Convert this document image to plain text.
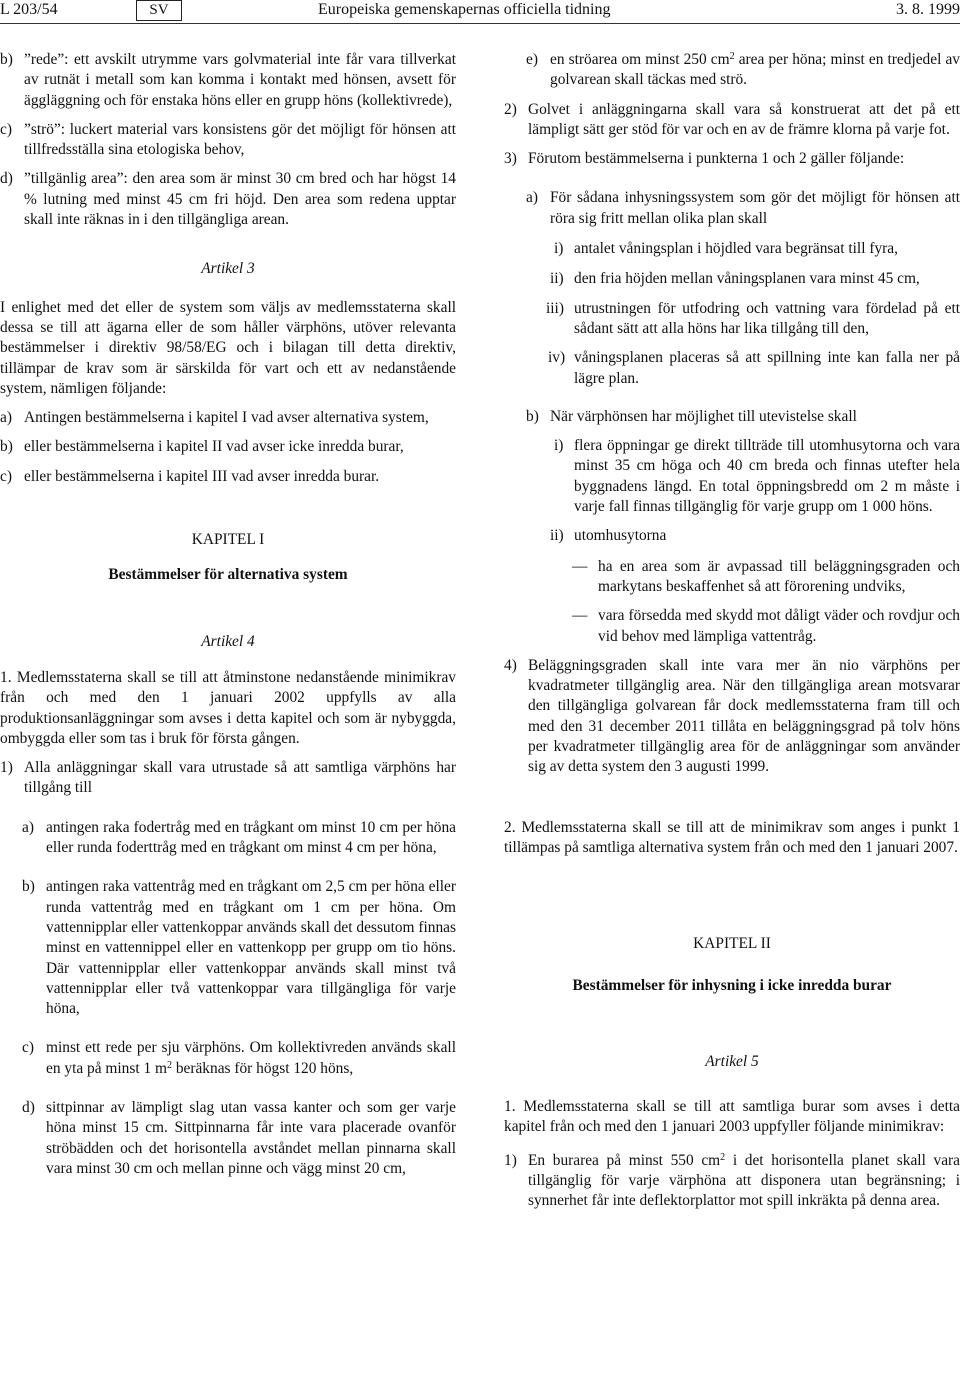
L 203/54	SV	Europeiska gemenskapernas officiella tidning	3. 8. 1999
b) ”rede”: ett avskilt utrymme vars golvmaterial inte får vara tillverkat av rutnät i metall som kan komma i kontakt med hönsen, avsett för äggläggning och för enstaka höns eller en grupp höns (kollektivrede),

c) ”strö”: luckert material vars konsistens gör det möjligt för hönsen att tillfredsställa sina etologiska behov,

d) ”tillgänlig area”: den area som är minst 30 cm bred och har högst 14 % lutning med minst 45 cm fri höjd. Den area som redena upptar skall inte räknas in i den tillgängliga arean.

Artikel 3

I enlighet med det eller de system som väljs av medlemsstaterna skall dessa se till att ägarna eller de som håller värphöns, utöver relevanta bestämmelser i direktiv 98/58/EG och i bilagan till detta direktiv, tillämpar de krav som är särskilda för vart och ett av nedanstående system, nämligen följande:

a) Antingen bestämmelserna i kapitel I vad avser alternativa system,

b) eller bestämmelserna i kapitel II vad avser icke inredda burar,

c) eller bestämmelserna i kapitel III vad avser inredda burar.

KAPITEL I

Bestämmelser för alternativa system

Artikel 4

1. Medlemsstaterna skall se till att åtminstone nedanstående minimikrav från och med den 1 januari 2002 uppfylls av alla produktionsanläggningar som avses i detta kapitel och som är nybyggda, ombyggda eller som tas i bruk för första gången.

1) Alla anläggningar skall vara utrustade så att samtliga värphöns har tillgång till

a) antingen raka fodertråg med en trågkant om minst 10 cm per höna eller runda foderttråg med en trågkant om minst 4 cm per höna,

b) antingen raka vattentråg med en trågkant om 2,5 cm per höna eller runda vattentråg med en trågkant om 1 cm per höna. Om vattennipplar eller vattenkoppar används skall det dessutom finnas minst en vattennippel eller en vattenkopp per grupp om tio höns. Där vattennipplar eller vattenkoppar används skall minst två vattennipplar eller två vattenkoppar vara tillgängliga för varje höna,

c) minst ett rede per sju värphöns. Om kollektivreden används skall en yta på minst 1 $m^2$ beräknas för högst 120 höns,

d) sittpinnar av lämpligt slag utan vassa kanter och som ger varje höna minst 15 cm. Sittpinnarna får inte vara placerade ovanför ströbädden och det horisontella avståndet mellan pinnarna skall vara minst 30 cm och mellan pinne och vägg minst 20 cm,

e) en ströarea om minst 250 $cm^2$ area per höna; minst en tredjedel av golvarean skall täckas med strö.

2) Golvet i anläggningarna skall vara så konstruerat att det på ett lämpligt sätt ger stöd för var och en av de främre klorna på varje fot.

3) Förutom bestämmelserna i punkterna 1 och 2 gäller följande:

a) För sådana inhysningssystem som gör det möjligt för hönsen att röra sig fritt mellan olika plan skall

i) antalet våningsplan i höjdled vara begränsat till fyra,

ii) den fria höjden mellan våningsplanen vara minst 45 cm,

iii) utrustningen för utfodring och vattning vara fördelad på ett sådant sätt att alla höns har lika tillgång till den,

iv) våningsplanen placeras så att spillning inte kan falla ner på lägre plan.

b) När värphönsen har möjlighet till utevistelse skall

i) flera öppningar ge direkt tillträde till utomhusytorna och vara minst 35 cm höga och 40 cm breda och finnas utefter hela byggnadens längd. En total öppningsbredd om 2 m måste i varje fall finnas tillgänglig för varje grupp om 1 000 höns.

ii) utomhusytorna

— ha en area som är avpassad till beläggningsgraden och markytans beskaffenhet så att förorening undviks,

— vara försedda med skydd mot dåligt väder och rovdjur och vid behov med lämpliga vattentråg.

4) Beläggningsgraden skall inte vara mer än nio värphöns per kvadratmeter tillgänglig area. När den tillgängliga arean motsvarar den tillgängliga golvarean får dock medlemsstaterna fram till och med den 31 december 2011 tillåta en beläggningsgrad på tolv höns per kvadratmeter tillgänglig area för de anläggningar som använder sig av detta system den 3 augusti 1999.

2. Medlemsstaterna skall se till att de minimikrav som anges i punkt 1 tillämpas på samtliga alternativa system från och med den 1 januari 2007.

KAPITEL II

Bestämmelser för inhysning i icke inredda burar

Artikel 5

1. Medlemsstaterna skall se till att samtliga burar som avses i detta kapitel från och med den 1 januari 2003 uppfyller följande minimikrav:

1) En burarea på minst 550 $cm^2$ i det horisontella planet skall vara tillgänglig för varje värphöna att disponera utan begränsning; i synnerhet får inte deflektorplattor mot spill inkräkta på denna area.
